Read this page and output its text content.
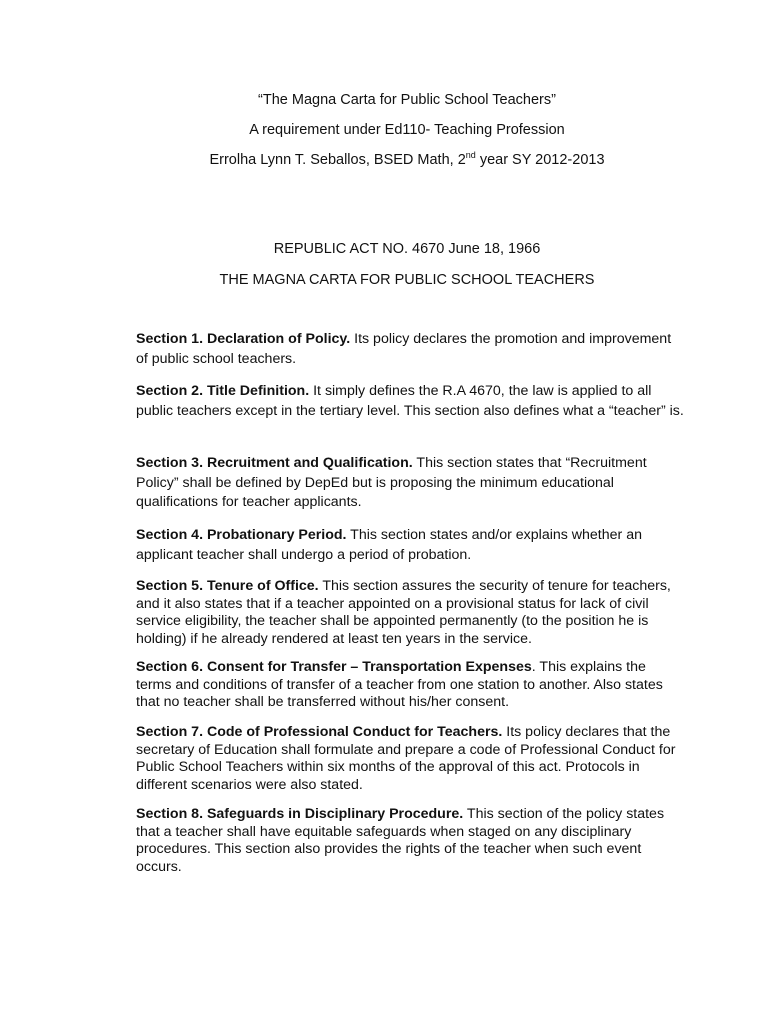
“The Magna Carta for Public School Teachers”
A requirement under Ed110- Teaching Profession
Errolha Lynn T. Seballos, BSED Math, 2nd year SY 2012-2013
REPUBLIC ACT NO. 4670 June 18, 1966
THE MAGNA CARTA FOR PUBLIC SCHOOL TEACHERS
Section 1. Declaration of Policy. Its policy declares the promotion and improvement of public school teachers.
Section 2. Title Definition. It simply defines the R.A 4670, the law is applied to all public teachers except in the tertiary level. This section also defines what a “teacher” is.
Section 3. Recruitment and Qualification. This section states that “Recruitment Policy” shall be defined by DepEd but is proposing the minimum educational qualifications for teacher applicants.
Section 4. Probationary Period. This section states and/or explains whether an applicant teacher shall undergo a period of probation.
Section 5. Tenure of Office. This section assures the security of tenure for teachers, and it also states that if a teacher appointed on a provisional status for lack of civil service eligibility, the teacher shall be appointed permanently (to the position he is holding) if he already rendered at least ten years in the service.
Section 6. Consent for Transfer – Transportation Expenses. This explains the terms and conditions of transfer of a teacher from one station to another. Also states that no teacher shall be transferred without his/her consent.
Section 7. Code of Professional Conduct for Teachers. Its policy declares that the secretary of Education shall formulate and prepare a code of Professional Conduct for Public School Teachers within six months of the approval of this act. Protocols in different scenarios were also stated.
Section 8. Safeguards in Disciplinary Procedure. This section of the policy states that a teacher shall have equitable safeguards when staged on any disciplinary procedures. This section also provides the rights of the teacher when such event occurs.
